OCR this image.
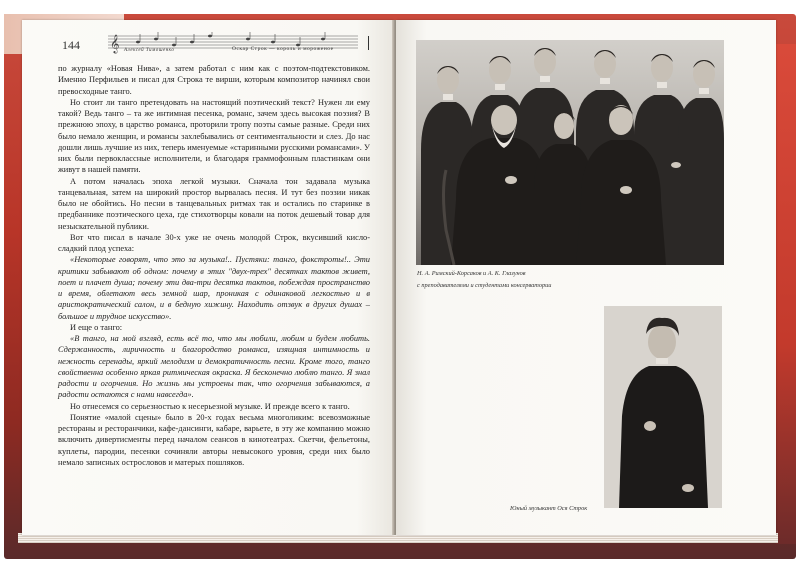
144 𝄞 Алексей Тимошенко	Оскар Строк — король и мороженое

по журналу «Новая Нива», а затем работал с ним как с поэтом-подтекстовиком. Именно Перфильев и писал для Строка те вирши, которым композитор начинял свои превосходные танго.

Но стоит ли танго претендовать на настоящий поэтический текст? Нужен ли ему такой? Ведь танго – та же интимная песенка, романс, зачем здесь высокая поэзия? В прежнюю эпоху, в царство романса, проторили тропу поэты самые разные. Среди них было немало женщин, и романсы захлебывались от сентиментальности и слез. До нас дошли лишь лучшие из них, теперь именуемые «старинными русскими романсами». У них были первоклассные исполнители, и благодаря граммофонным пластинкам они живут в нашей памяти.

А потом началась эпоха легкой музыки. Сначала тон задавала музыка танцевальная, затем на широкий простор вырвалась песня. И тут без поэзии никак было не обойтись. Но песни в танцевальных ритмах так и остались по старинке в предбаннике поэтического цеха, где стихотворцы ковали на поток дешевый товар для незыскательной публики.

Вот что писал в начале 30-х уже не очень молодой Строк, вкусивший кисло-сладкий плод успеха:

«Некоторые говорят, что это за музыка!.. Пустяки: танго, фокстроты!.. Эти критики забывают об одном: почему в этих "двух-трех" десятках тактов живет, поет и плачет душа; почему эти два-три десятка тактов, побеждая пространство и время, облетают весь земной шар, проникая с одинаковой легкостью и в аристократический салон, и в бедную хижину. Находить отзвук в других душах – большое и трудное искусство».

И еще о танго:

«В танго, на мой взгляд, есть всё то, что мы любили, любим и будем любить. Сдержанность, лиричность и благородство романса, изящная интимность и нежность серенады, яркий мелодизм и демократичность песни. Кроме того, танго свойственна особенно яркая ритмическая окраска. Я бесконечно люблю танго. Я знал радости и огорчения. Но жизнь мы устроены так, что огорчения забываются, а радости остаются с нами навсегда».

Но отнесемся со серьезностью к несерьезной музыке. И прежде всего к танго.

Понятие «малой сцены» было в 20-х годах весьма многоликим: всевозможные рестораны и ресторанчики, кафе-дансинги, кабаре, варьете, в эту же компанию можно включить дивертисменты перед началом сеансов в кинотеатрах. Скетчи, фельетоны, куплеты, пародии, песенки сочиняли авторы невысокого уровня, среди них было немало записных острословов и матерых пошляков.

Н. А. Римский-Корсаков и А. К. Глазунов
с преподавателями и студентами консерватории
Юный музыкант Ося Строк
